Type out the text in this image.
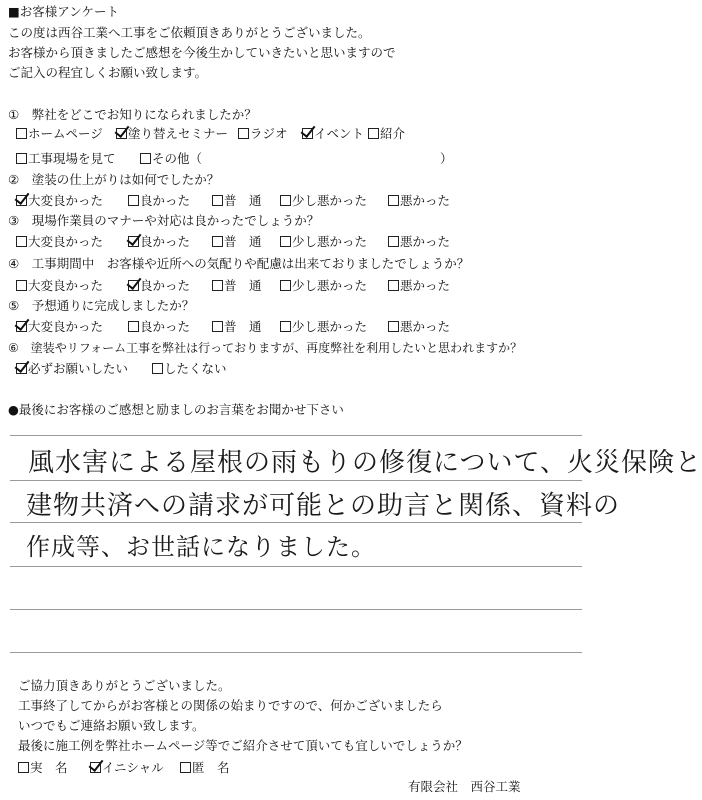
■お客様アンケート
この度は西谷工業へ工事をご依頼頂きありがとうございました。
お客様から頂きましたご感想を今後生かしていきたいと思いますので
ご記入の程宜しくお願い致します。
①　弊社をどこでお知りになられましたか？
ホームページ	塗り替えセミナー	ラジオ	イベント	紹介
工事現場を見て	その他（	）
②　塗装の仕上がりは如何でしたか？
大変良かった	良かった	普　通	少し悪かった	悪かった
③　現場作業員のマナーや対応は良かったでしょうか？
大変良かった	良かった	普　通	少し悪かった	悪かった
④　工事期間中　お客様や近所への気配りや配慮は出来ておりましたでしょうか？
大変良かった	良かった	普　通	少し悪かった	悪かった
⑤　予想通りに完成しましたか？
大変良かった	良かった	普　通	少し悪かった	悪かった
⑥　塗装やリフォーム工事を弊社は行っておりますが、再度弊社を利用したいと思われますか？
必ずお願いしたい	したくない
●最後にお客様のご感想と励ましのお言葉をお聞かせ下さい
風水害による屋根の雨もりの修復について、火災保険と
建物共済への請求が可能との助言と関係、資料の
作成等、お世話になりました。
ご協力頂きありがとうございました。
工事終了してからがお客様との関係の始まりですので、何かございましたら
いつでもご連絡お願い致します。
最後に施工例を弊社ホームページ等でご紹介させて頂いても宜しいでしょうか？
実　名	イニシャル	匿　名
有限会社　西谷工業
